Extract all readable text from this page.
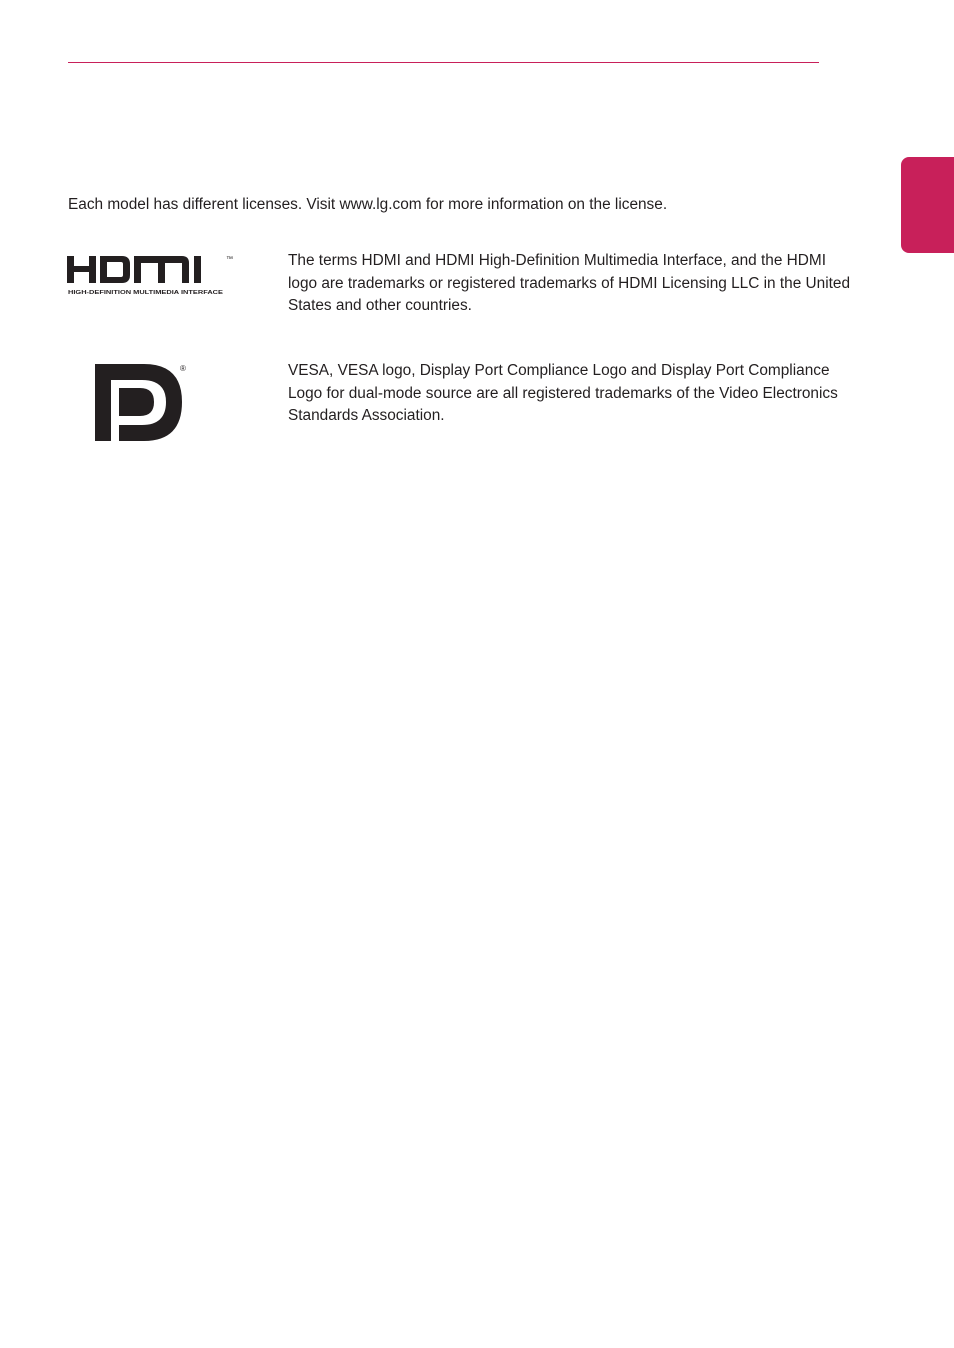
Each model has different licenses. Visit www.lg.com for more information on the license.

™
HIGH-DEFINITION MULTIMEDIA INTERFACE

The terms HDMI and HDMI High-Definition Multimedia Interface, and the HDMI logo are trademarks or registered trademarks of HDMI Licensing LLC in the United States and other countries.

®	VESA, VESA logo, Display Port Compliance Logo and Display Port Compliance Logo for dual-mode source are all registered trademarks of the Video Electronics Standards Association.
